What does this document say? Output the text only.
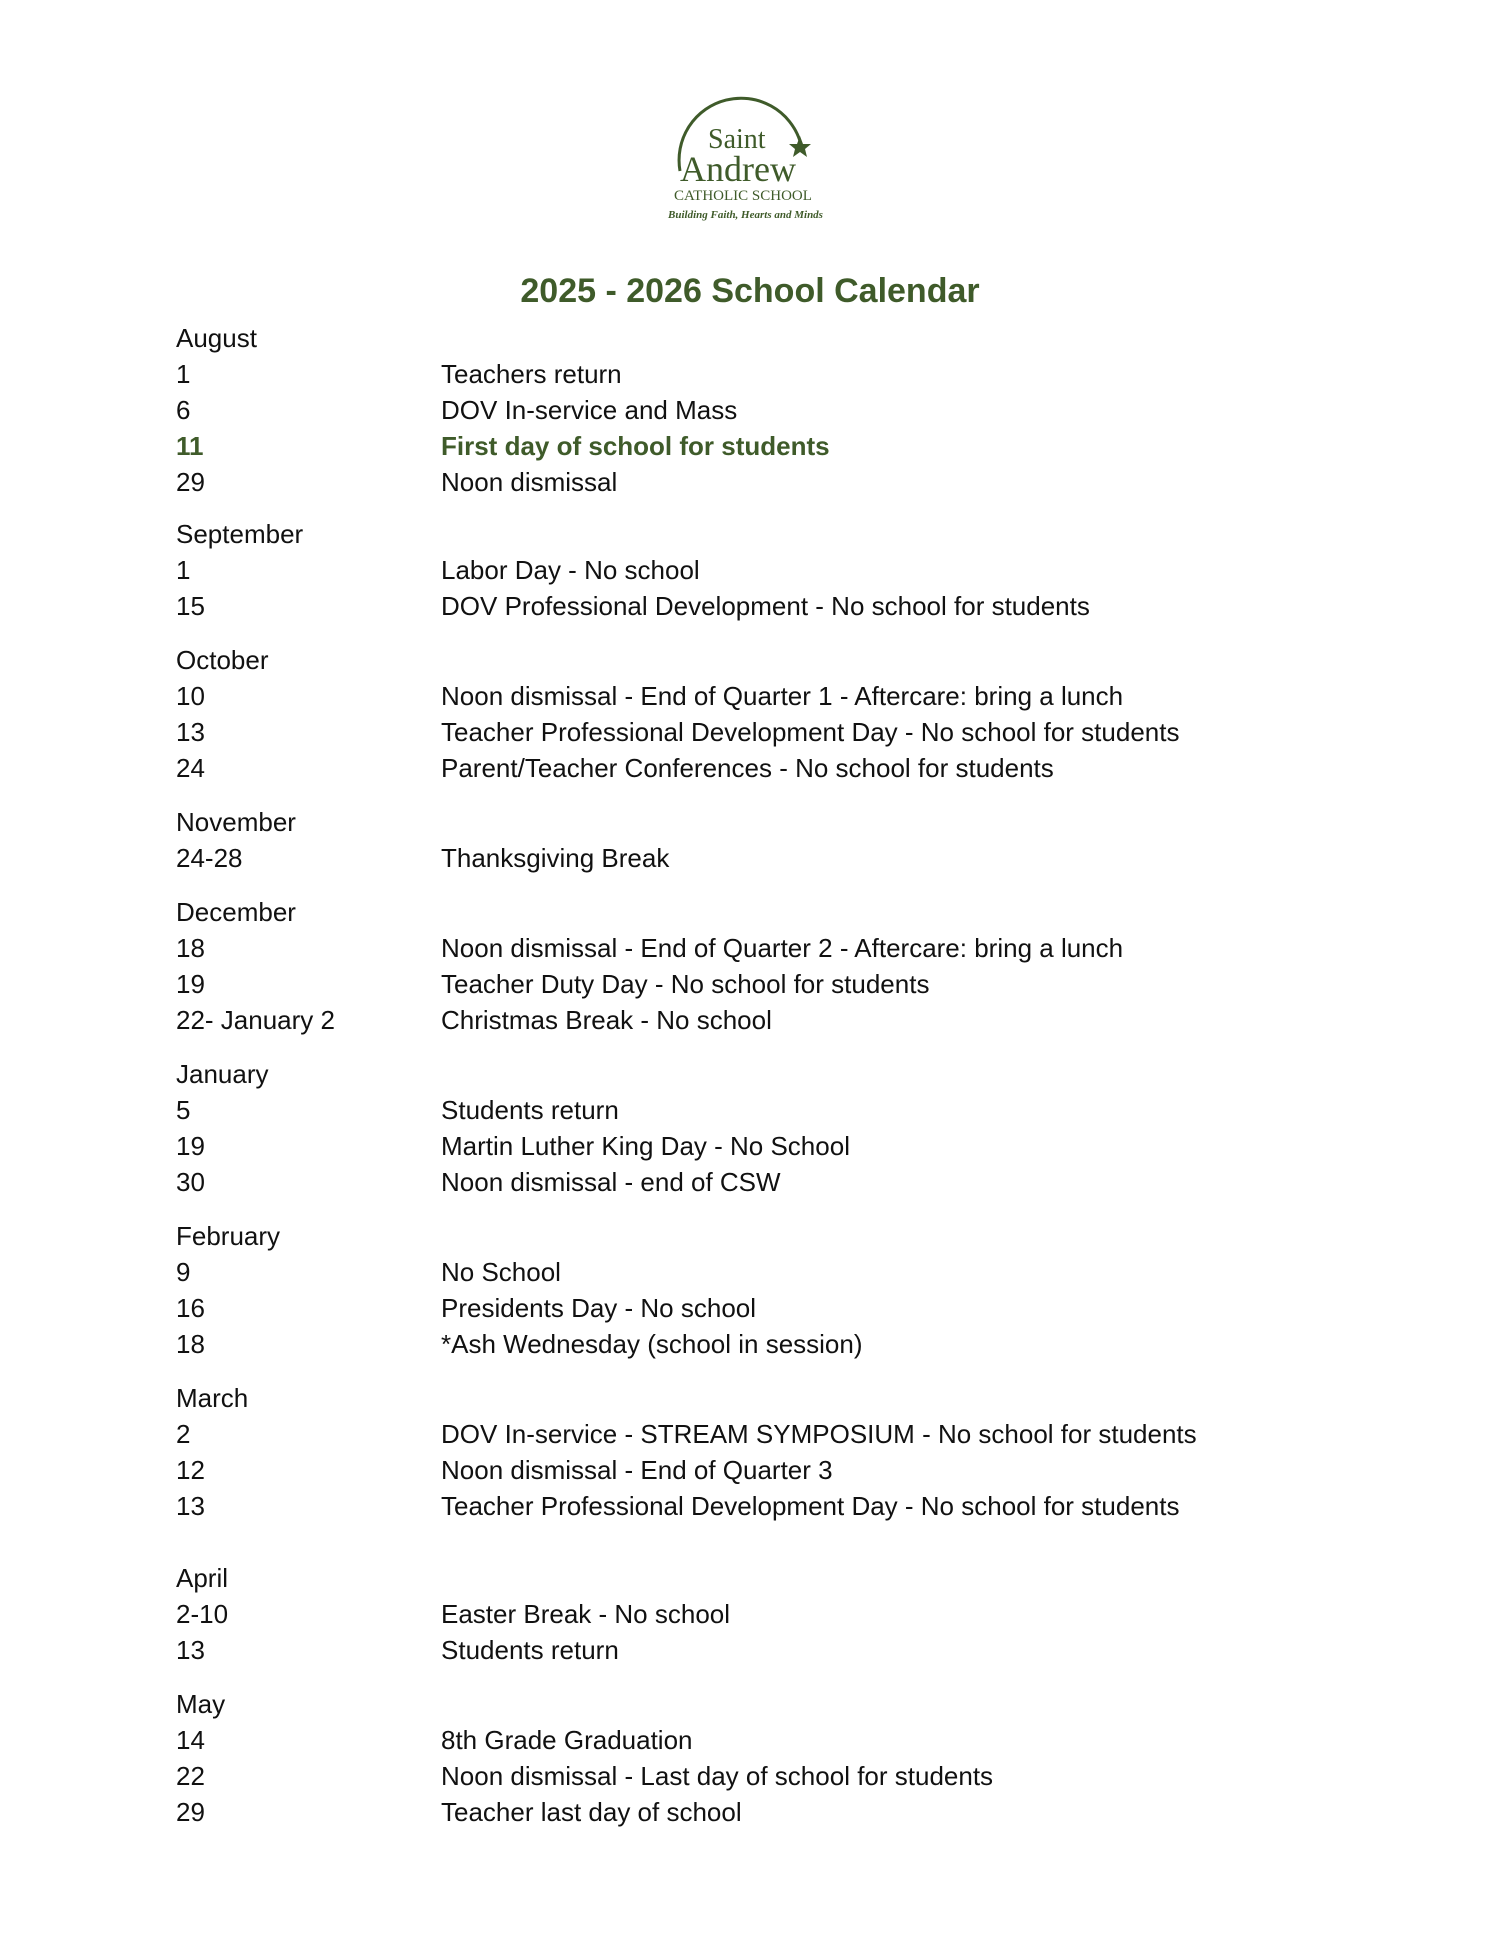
Saint
Andrew
CATHOLIC SCHOOL
Building Faith, Hearts and Minds
2025 - 2026 School Calendar
August
1	Teachers return
6	DOV In-service and Mass
11	First day of school for students
29	Noon dismissal
September
1	Labor Day - No school
15	DOV Professional Development - No school for students
October
10	Noon dismissal - End of Quarter 1 - Aftercare: bring a lunch
13	Teacher Professional Development Day - No school for students
24	Parent/Teacher Conferences - No school for students
November
24-28	Thanksgiving Break
December
18	Noon dismissal - End of Quarter 2 - Aftercare: bring a lunch
19	Teacher Duty Day - No school for students
22- January 2	Christmas Break - No school
January
5	Students return
19	Martin Luther King Day - No School
30	Noon dismissal - end of CSW
February
9	No School
16	Presidents Day - No school
18	*Ash Wednesday (school in session)
March
2	DOV In-service - STREAM SYMPOSIUM - No school for students
12	Noon dismissal - End of Quarter 3
13	Teacher Professional Development Day - No school for students
April
2-10	Easter Break - No school
13	Students return
May
14	8th Grade Graduation
22	Noon dismissal - Last day of school for students
29	Teacher last day of school
